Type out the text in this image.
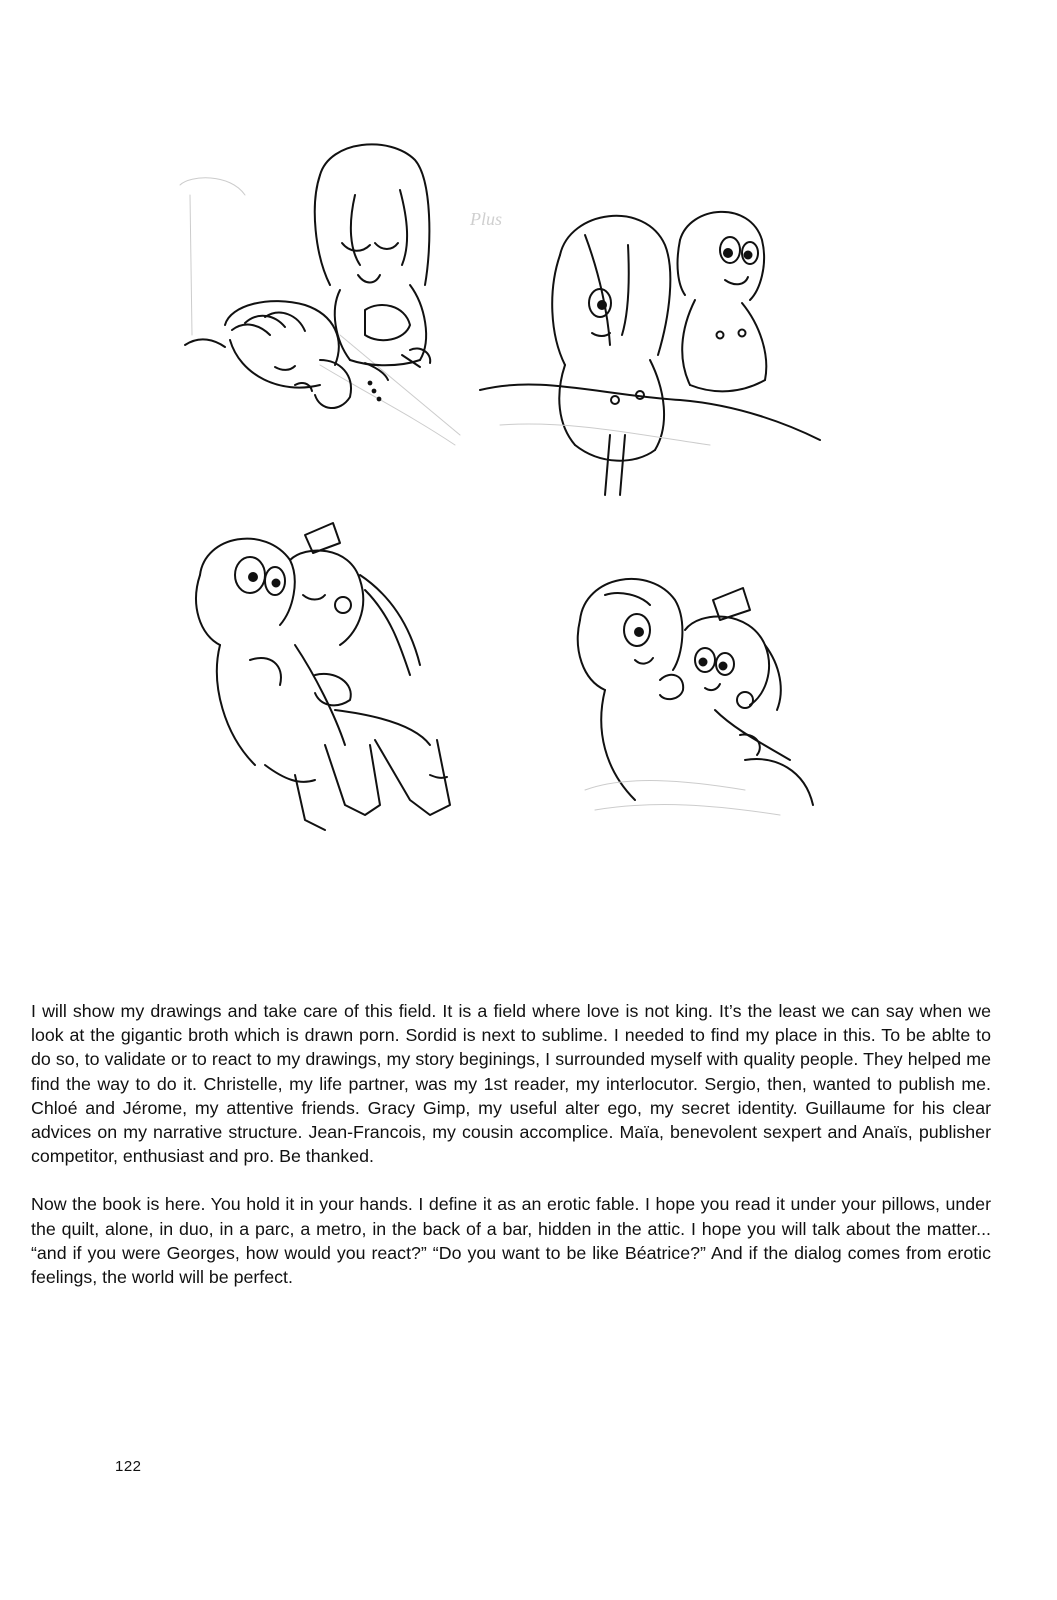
Plus

I will show my drawings and take care of this field. It is a field where love is not king. It’s the least we can say when we look at the gigantic broth which is drawn porn. Sordid is next to sublime. I needed to find my place in this. To be ablte to do so, to validate or to react to my drawings, my story beginings, I surrounded myself with quality people. They helped me find the way to do it. Christelle, my life partner, was my 1st reader, my interlocutor. Sergio, then, wanted to publish me. Chloé and Jérome, my attentive friends. Gracy Gimp, my useful alter ego, my secret identity. Guillaume for his clear advices on my narrative structure. Jean-Francois, my cousin accomplice. Maïa, benevolent sexpert and Anaïs, publisher competitor, enthusiast and pro. Be thanked.

Now the book is here. You hold it in your hands. I define it as an erotic fable. I hope you read it under your pillows, under the quilt, alone, in duo, in a parc, a metro, in the back of a bar, hidden in the attic. I hope you will talk about the matter... “and if you were Georges, how would you react?” “Do you want to be like Béatrice?” And if the dialog comes from erotic feelings, the world will be perfect.

122
